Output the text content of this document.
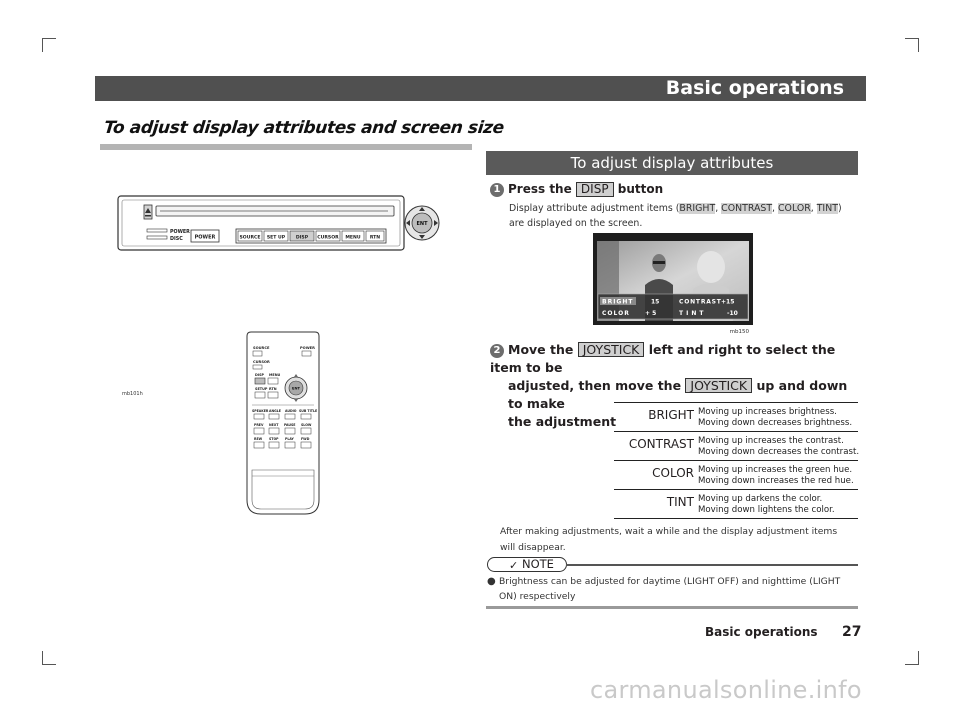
Basic operations
To adjust display attributes and screen size
POWER
DISC POWER	SOURCE SET UP DISP CURSOR MENU RTN
ENT
SOURCE	POWER
CURSOR
DISP MENU
SETUP RTN	ENT
SPEAKER ANGLE AUDIO SUB TITLE
PREV NEXT PAUSE SLOW
REW STOP PLAY FWD
mb101h
To adjust display attributes
1 Press the DISP button
Display attribute adjustment items (BRIGHT, CONTRAST, COLOR, TINT) are displayed on the screen.
BRIGHT	15	CONTRAST +15
COLOR	+ 5	TINT	-10
mb150
2 Move the JOYSTICK left and right to select the item to be
adjusted, then move the JOYSTICK up and down to make
the adjustment	BRIGHT Moving up increases brightness.
Moving down decreases brightness.
CONTRAST Moving up increases the contrast.
Moving down decreases the contrast.
COLOR Moving up increases the green hue.
Moving down increases the red hue.
TINT Moving up darkens the color.
Moving down lightens the color.
After making adjustments, wait a while and the display adjustment items will disappear.
✓ NOTE
● Brightness can be adjusted for daytime (LIGHT OFF) and nighttime (LIGHT ON) respectively
Basic operations 27
carmanualsonline.info
